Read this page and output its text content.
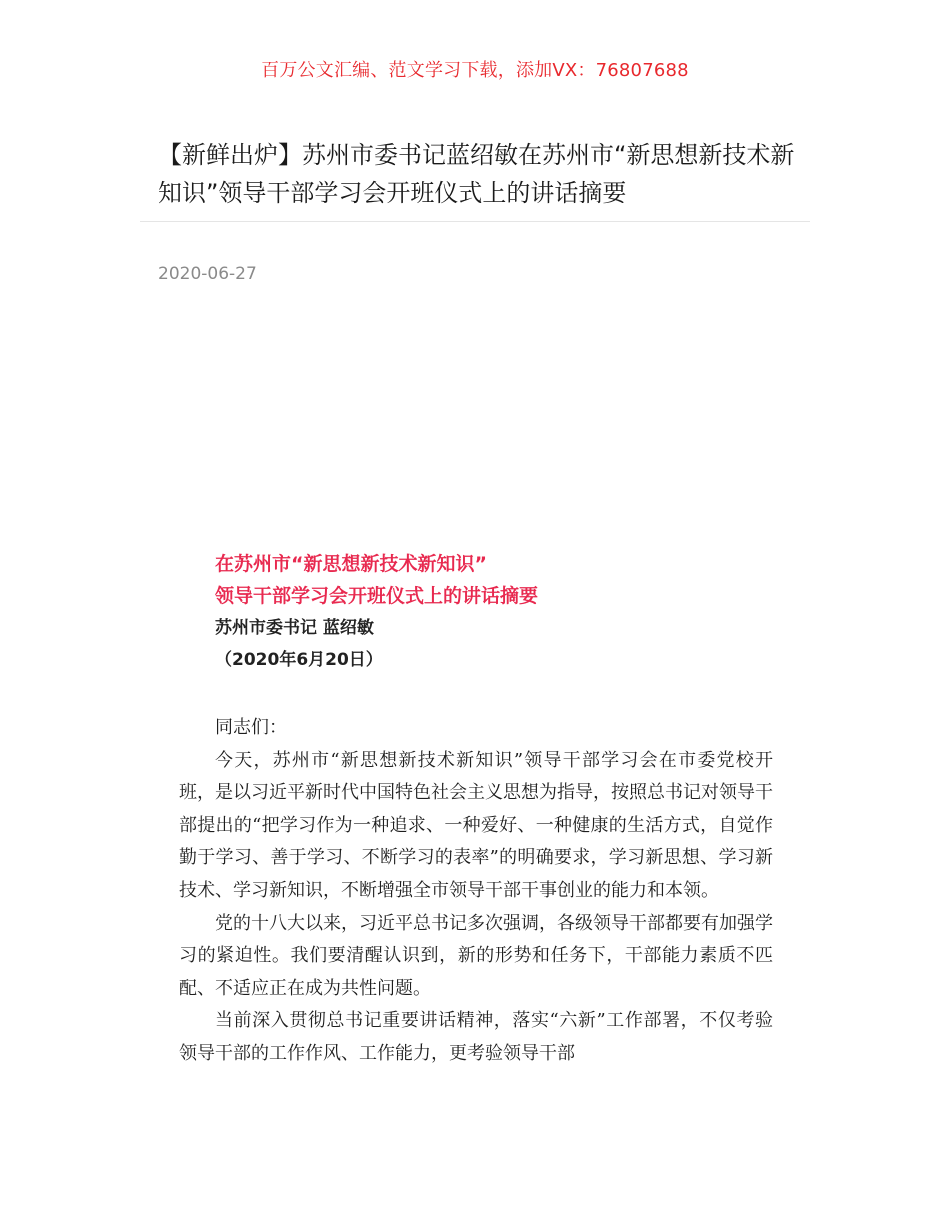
百万公文汇编、范文学习下载，添加VX：76807688
【新鲜出炉】苏州市委书记蓝绍敏在苏州市“新思想新技术新知识”领导干部学习会开班仪式上的讲话摘要
2020-06-27
在苏州市“新思想新技术新知识”
领导干部学习会开班仪式上的讲话摘要
苏州市委书记 蓝绍敏
（2020年6月20日）

同志们：

今天，苏州市“新思想新技术新知识”领导干部学习会在市委党校开班，是以习近平新时代中国特色社会主义思想为指导，按照总书记对领导干部提出的“把学习作为一种追求、一种爱好、一种健康的生活方式，自觉作勤于学习、善于学习、不断学习的表率”的明确要求，学习新思想、学习新技术、学习新知识，不断增强全市领导干部干事创业的能力和本领。

党的十八大以来，习近平总书记多次强调，各级领导干部都要有加强学习的紧迫性。我们要清醒认识到，新的形势和任务下，干部能力素质不匹配、不适应正在成为共性问题。

当前深入贯彻总书记重要讲话精神，落实“六新”工作部署，不仅考验领导干部的工作作风、工作能力，更考验领导干部
